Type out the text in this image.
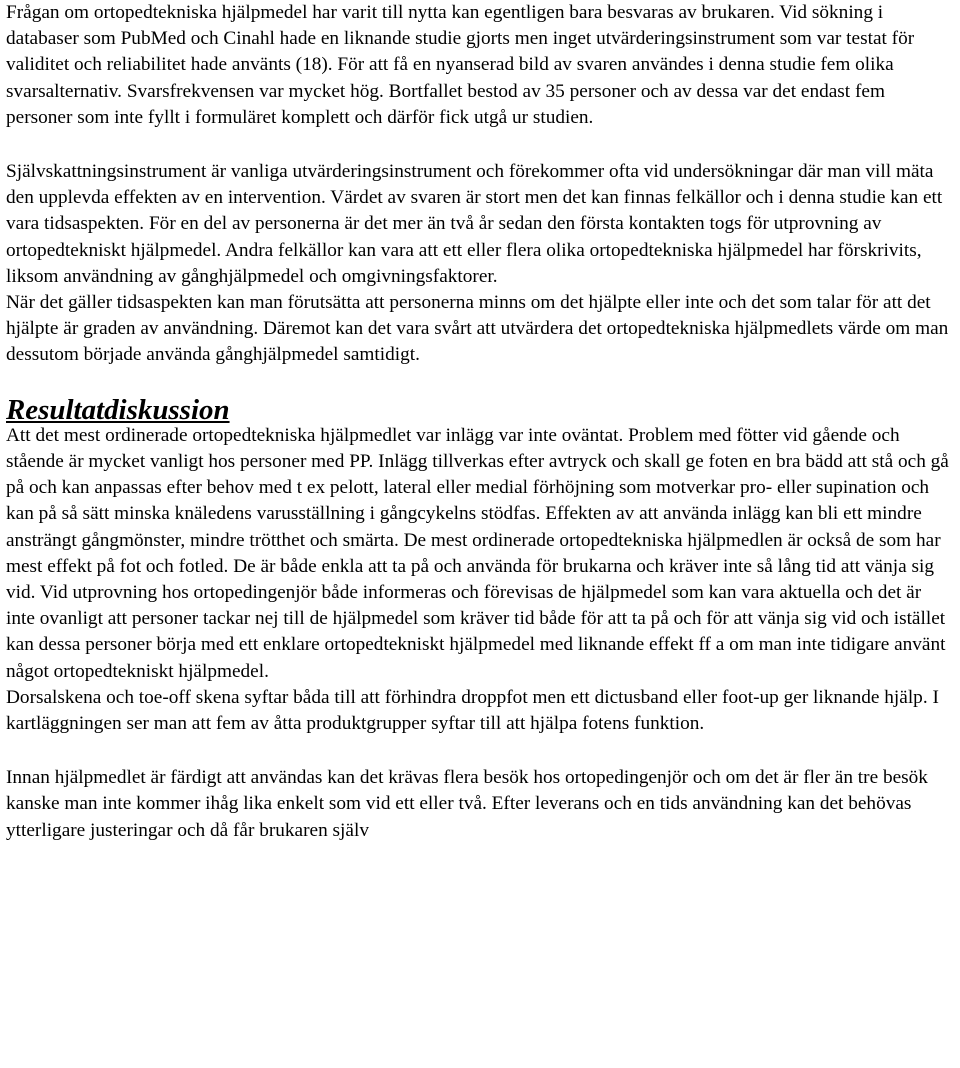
Frågan om ortopedtekniska hjälpmedel har varit till nytta kan egentligen bara besvaras av brukaren. Vid sökning i databaser som PubMed och Cinahl hade en liknande studie gjorts men inget utvärderingsinstrument som var testat för validitet och reliabilitet hade använts (18). För att få en nyanserad bild av svaren användes i denna studie fem olika svarsalternativ. Svarsfrekvensen var mycket hög. Bortfallet bestod av 35 personer och av dessa var det endast fem personer som inte fyllt i formuläret komplett och därför fick utgå ur studien.

Självskattningsinstrument är vanliga utvärderingsinstrument och förekommer ofta vid undersökningar där man vill mäta den upplevda effekten av en intervention. Värdet av svaren är stort men det kan finnas felkällor och i denna studie kan ett vara tidsaspekten. För en del av personerna är det mer än två år sedan den första kontakten togs för utprovning av ortopedtekniskt hjälpmedel. Andra felkällor kan vara att ett eller flera olika ortopedtekniska hjälpmedel har förskrivits, liksom användning av gånghjälpmedel och omgivningsfaktorer.

När det gäller tidsaspekten kan man förutsätta att personerna minns om det hjälpte eller inte och det som talar för att det hjälpte är graden av användning. Däremot kan det vara svårt att utvärdera det ortopedtekniska hjälpmedlets värde om man dessutom började använda gånghjälpmedel samtidigt.

Resultatdiskussion

Att det mest ordinerade ortopedtekniska hjälpmedlet var inlägg var inte oväntat. Problem med fötter vid gående och stående är mycket vanligt hos personer med PP. Inlägg tillverkas efter avtryck och skall ge foten en bra bädd att stå och gå på och kan anpassas efter behov med t ex pelott, lateral eller medial förhöjning som motverkar pro- eller supination och kan på så sätt minska knäledens varusställning i gångcykelns stödfas. Effekten av att använda inlägg kan bli ett mindre ansträngt gångmönster, mindre trötthet och smärta. De mest ordinerade ortopedtekniska hjälpmedlen är också de som har mest effekt på fot och fotled. De är både enkla att ta på och använda för brukarna och kräver inte så lång tid att vänja sig vid. Vid utprovning hos ortopedingenjör både informeras och förevisas de hjälpmedel som kan vara aktuella och det är inte ovanligt att personer tackar nej till de hjälpmedel som kräver tid både för att ta på och för att vänja sig vid och istället kan dessa personer börja med ett enklare ortopedtekniskt hjälpmedel med liknande effekt ff a om man inte tidigare använt något ortopedtekniskt hjälpmedel.

Dorsalskena och toe-off skena syftar båda till att förhindra droppfot men ett dictusband eller foot-up ger liknande hjälp. I kartläggningen ser man att fem av åtta produktgrupper syftar till att hjälpa fotens funktion.

Innan hjälpmedlet är färdigt att användas kan det krävas flera besök hos ortopedingenjör och om det är fler än tre besök kanske man inte kommer ihåg lika enkelt som vid ett eller två. Efter leverans och en tids användning kan det behövas ytterligare justeringar och då får brukaren själv
